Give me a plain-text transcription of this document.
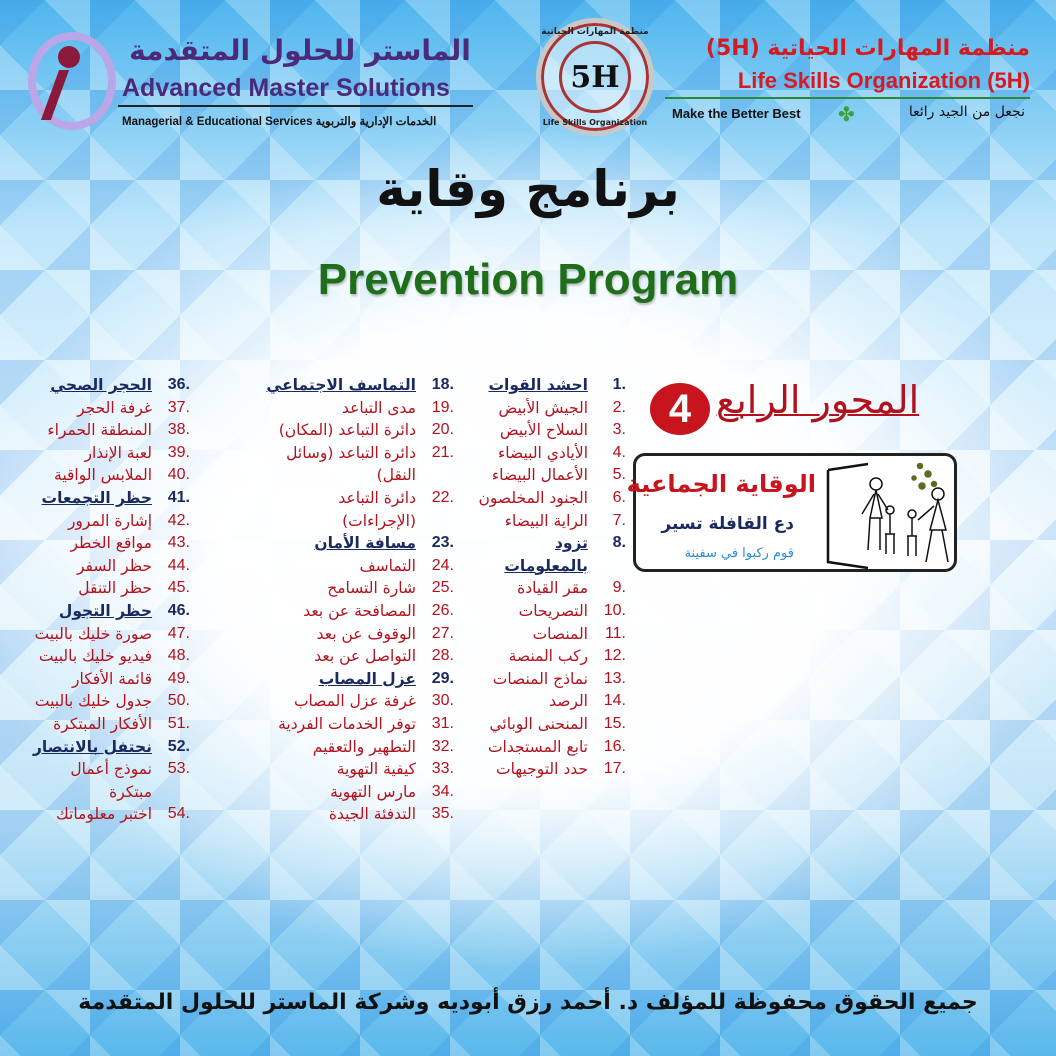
الماستر للحلول المتقدمة
Advanced Master Solutions
Managerial & Educational Services الخدمات الإدارية والتربوية
منظمة المهارات الحياتية
5H
Life Skills Organization
منظمة المهارات الحياتية (5H)
Life Skills Organization (5H)
Make the Better Best ✤	نجعل من الجيد رائعا
برنامج وقاية
Prevention Program
1.
احشد القوات
2.
الجيش الأبيض
3.
السلاح الأبيض
4.
الأيادي البيضاء
5.
الأعمال البيضاء
6.
الجنود المخلصون
7.
الراية البيضاء
8.
تزود بالمعلومات
9.
مقر القيادة
10.
التصريحات
11.
المنصات
12.
ركب المنصة
13.
نماذج المنصات
14.
الرصد
15.
المنحنى الوبائي
16.
تابع المستجدات
17.
حدد التوجيهات
18.
التماسف الاجتماعي
19.
مدى التباعد
20.
دائرة التباعد (المكان)
21.
دائرة التباعد (وسائل النقل)
22.
دائرة التباعد (الإجراءات)
23.
مسافة الأمان
24.
التماسف
25.
شارة التسامح
26.
المصافحة عن بعد
27.
الوقوف عن بعد
28.
التواصل عن بعد
29.
عزل المصاب
30.
غرفة عزل المصاب
31.
توفر الخدمات الفردية
32.
التطهير والتعقيم
33.
كيفية التهوية
34.
مارس التهوية
35.
التدفئة الجيدة
36.
الحجر الصحي
37.
غرفة الحجر
38.
المنطقة الحمراء
39.
لعبة الإنذار
40.
الملابس الواقية
41.
حظر التجمعات
42.
إشارة المرور
43.
مواقع الخطر
44.
حظر السفر
45.
حظر التنقل
46.
حظر التجول
47.
صورة خليك بالبيت
48.
فيديو خليك بالبيت
49.
قائمة الأفكار
50.
جدول خليك بالبيت
51.
الأفكار المبتكرة
52.
نحتفل بالانتصار
53.
نموذج أعمال مبتكرة
54.
اختبر معلوماتك
4 المحور الرابع
الوقاية الجماعية
دع القافلة تسير
قوم ركبوا في سفينة
جميع الحقوق محفوظة للمؤلف د. أحمد رزق أبوديه وشركة الماستر للحلول المتقدمة
